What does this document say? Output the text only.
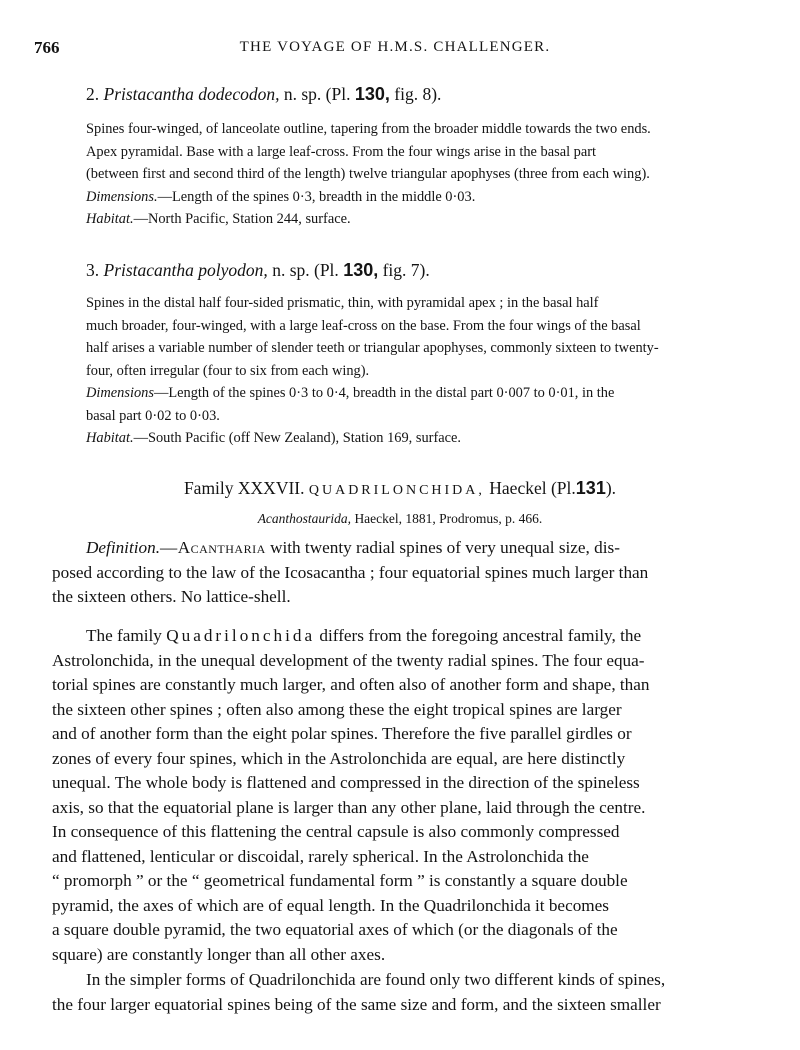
766	THE VOYAGE OF H.M.S. CHALLENGER.
2. Pristacantha dodecodon, n. sp. (Pl. 130, fig. 8).

Spines four-winged, of lanceolate outline, tapering from the broader middle towards the two ends.

Apex pyramidal. Base with a large leaf-cross. From the four wings arise in the basal part

(between first and second third of the length) twelve triangular apophyses (three from each wing).

Dimensions.—Length of the spines 0·3, breadth in the middle 0·03.

Habitat.—North Pacific, Station 244, surface.

3. Pristacantha polyodon, n. sp. (Pl. 130, fig. 7).

Spines in the distal half four-sided prismatic, thin, with pyramidal apex ; in the basal half

much broader, four-winged, with a large leaf-cross on the base. From the four wings of the basal

half arises a variable number of slender teeth or triangular apophyses, commonly sixteen to twenty-

four, often irregular (four to six from each wing).

Dimensions—Length of the spines 0·3 to 0·4, breadth in the distal part 0·007 to 0·01, in the

basal part 0·02 to 0·03.

Habitat.—South Pacific (off New Zealand), Station 169, surface.

Family XXXVII. QUADRILONCHIDA, Haeckel (Pl.131).
Acanthostaurida, Haeckel, 1881, Prodromus, p. 466.

Definition.—Acantharia with twenty radial spines of very unequal size, dis-

posed according to the law of the Icosacantha ; four equatorial spines much larger than

the sixteen others. No lattice-shell.

The family Quadrilonchida differs from the foregoing ancestral family, the

Astrolonchida, in the unequal development of the twenty radial spines. The four equa-

torial spines are constantly much larger, and often also of another form and shape, than

the sixteen other spines ; often also among these the eight tropical spines are larger

and of another form than the eight polar spines. Therefore the five parallel girdles or

zones of every four spines, which in the Astrolonchida are equal, are here distinctly

unequal. The whole body is flattened and compressed in the direction of the spineless

axis, so that the equatorial plane is larger than any other plane, laid through the centre.

In consequence of this flattening the central capsule is also commonly compressed

and flattened, lenticular or discoidal, rarely spherical. In the Astrolonchida the

“ promorph ” or the “ geometrical fundamental form ” is constantly a square double

pyramid, the axes of which are of equal length. In the Quadrilonchida it becomes

a square double pyramid, the two equatorial axes of which (or the diagonals of the

square) are constantly longer than all other axes.

In the simpler forms of Quadrilonchida are found only two different kinds of spines,

the four larger equatorial spines being of the same size and form, and the sixteen smaller
